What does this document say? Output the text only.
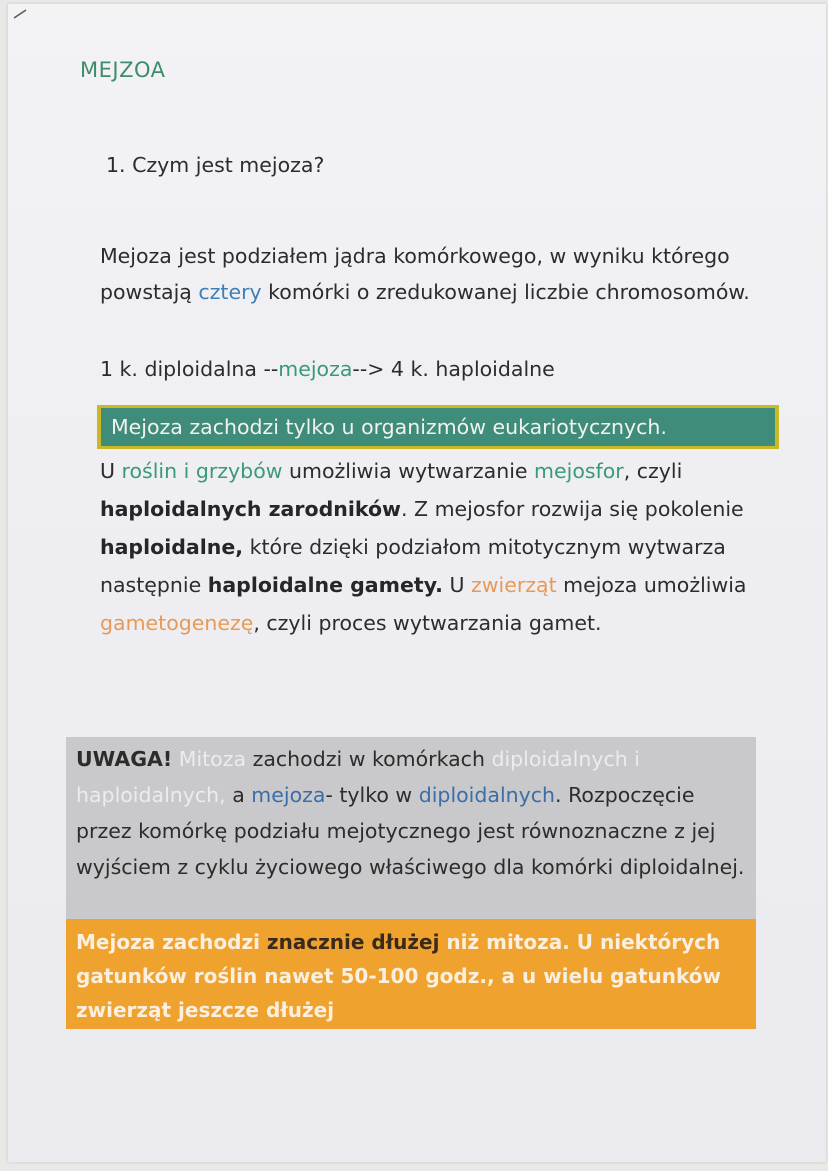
MEJZOA
1. Czym jest mejoza?
Mejoza jest podziałem jądra komórkowego, w wyniku którego powstają cztery komórki o zredukowanej liczbie chromosomów.
1 k. diploidalna --mejoza--> 4 k. haploidalne
Mejoza zachodzi tylko u organizmów eukariotycznych.
U roślin i grzybów umożliwia wytwarzanie mejosfor, czyli haploidalnych zarodników. Z mejosfor rozwija się pokolenie haploidalne, które dzięki podziałom mitotycznym wytwarza następnie haploidalne gamety. U zwierząt mejoza umożliwia gametogenezę, czyli proces wytwarzania gamet.
UWAGA! Mitoza zachodzi w komórkach diploidalnych i haploidalnych, a mejoza- tylko w diploidalnych. Rozpoczęcie przez komórkę podziału mejotycznego jest równoznaczne z jej wyjściem z cyklu życiowego właściwego dla komórki diploidalnej.
Mejoza zachodzi znacznie dłużej niż mitoza. U niektórych gatunków roślin nawet 50-100 godz., a u wielu gatunków zwierząt jeszcze dłużej
